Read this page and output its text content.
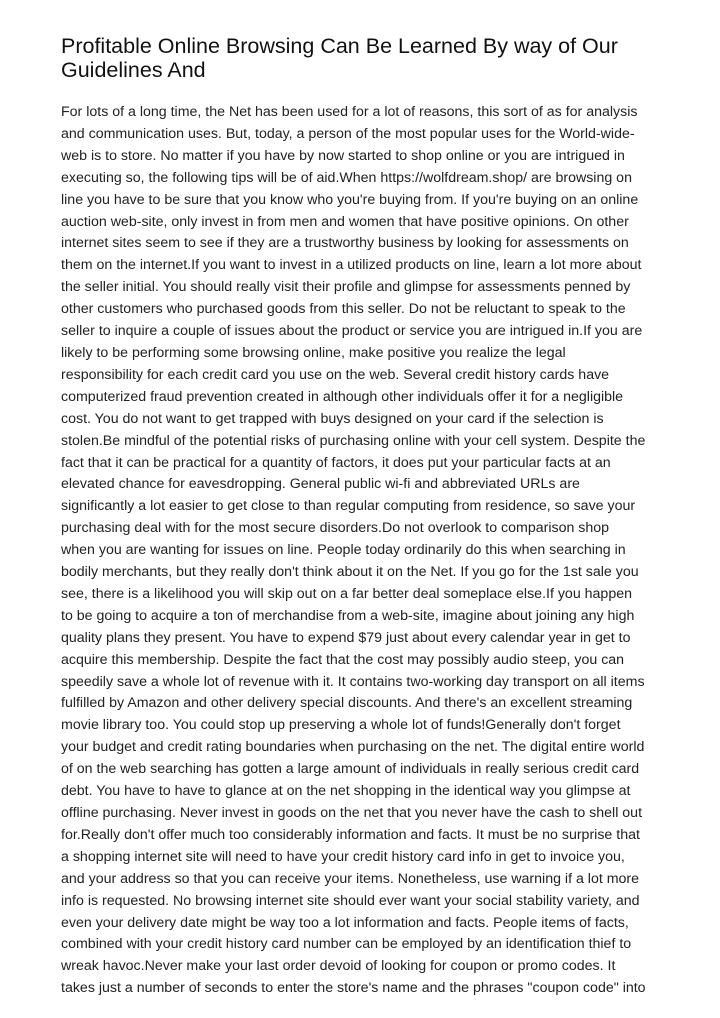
Profitable Online Browsing Can Be Learned By way of Our
Guidelines And
For lots of a long time, the Net has been used for a lot of reasons, this sort of as for analysis
and communication uses. But, today, a person of the most popular uses for the World-wide-
web is to store. No matter if you have by now started to shop online or you are intrigued in
executing so, the following tips will be of aid.When https://wolfdream.shop/ are browsing on
line you have to be sure that you know who you're buying from. If you're buying on an online
auction web-site, only invest in from men and women that have positive opinions. On other
internet sites seem to see if they are a trustworthy business by looking for assessments on
them on the internet.If you want to invest in a utilized products on line, learn a lot more about
the seller initial. You should really visit their profile and glimpse for assessments penned by
other customers who purchased goods from this seller. Do not be reluctant to speak to the
seller to inquire a couple of issues about the product or service you are intrigued in.If you are
likely to be performing some browsing online, make positive you realize the legal
responsibility for each credit card you use on the web. Several credit history cards have
computerized fraud prevention created in although other individuals offer it for a negligible
cost. You do not want to get trapped with buys designed on your card if the selection is
stolen.Be mindful of the potential risks of purchasing online with your cell system. Despite the
fact that it can be practical for a quantity of factors, it does put your particular facts at an
elevated chance for eavesdropping. General public wi-fi and abbreviated URLs are
significantly a lot easier to get close to than regular computing from residence, so save your
purchasing deal with for the most secure disorders.Do not overlook to comparison shop
when you are wanting for issues on line. People today ordinarily do this when searching in
bodily merchants, but they really don't think about it on the Net. If you go for the 1st sale you
see, there is a likelihood you will skip out on a far better deal someplace else.If you happen
to be going to acquire a ton of merchandise from a web-site, imagine about joining any high
quality plans they present. You have to expend $79 just about every calendar year in get to
acquire this membership. Despite the fact that the cost may possibly audio steep, you can
speedily save a whole lot of revenue with it. It contains two-working day transport on all items
fulfilled by Amazon and other delivery special discounts. And there's an excellent streaming
movie library too. You could stop up preserving a whole lot of funds!Generally don't forget
your budget and credit rating boundaries when purchasing on the net. The digital entire world
of on the web searching has gotten a large amount of individuals in really serious credit card
debt. You have to have to glance at on the net shopping in the identical way you glimpse at
offline purchasing. Never invest in goods on the net that you never have the cash to shell out
for.Really don't offer much too considerably information and facts. It must be no surprise that
a shopping internet site will need to have your credit history card info in get to invoice you,
and your address so that you can receive your items. Nonetheless, use warning if a lot more
info is requested. No browsing internet site should ever want your social stability variety, and
even your delivery date might be way too a lot information and facts. People items of facts,
combined with your credit history card number can be employed by an identification thief to
wreak havoc.Never make your last order devoid of looking for coupon or promo codes. It
takes just a number of seconds to enter the store's name and the phrases "coupon code" into
